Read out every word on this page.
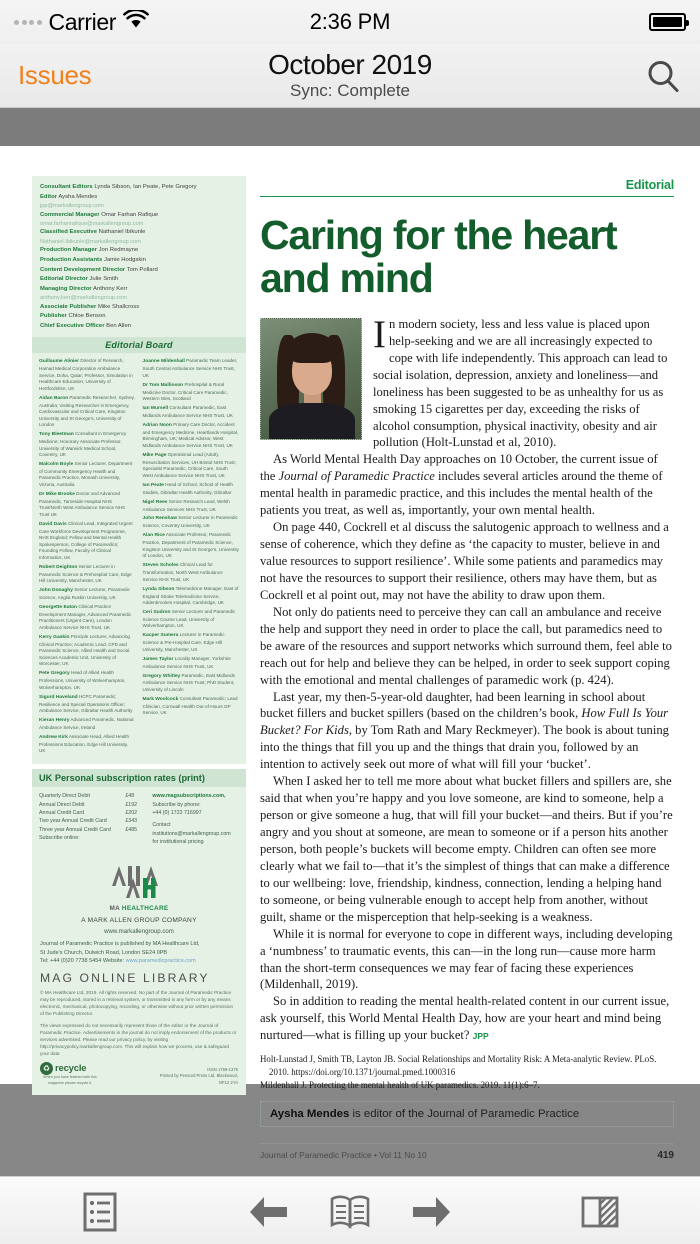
Carrier	2:36 PM
Issues	October 2019
Sync: Complete
Consultant Editors Lynda Sibson, Ian Peate, Pete Gregory
Editor Aysha Mendes
jpp@markallengroup.com
Commercial Manager Omar Farhan Rafique
omar.farhanrafique@markallengroup.com
Classified Executive Nathaniel Ibikunle
Nathaniel.Ibikunle@markallengroup.com
Production Manager Jon Redmayne
Production Assistants Jamie Hodgskin
Content Development Director Tom Pollard
Editorial Director Julie Smith
Managing Director Anthony Kerr
anthony.kerr@markallengroup.com
Associate Publisher Mike Shallcross
Publisher Chloe Benson
Chief Executive Officer Ben Allen
Editorial Board
Guillaume Alinier Director of Research, Hamad Medical Corporation Ambulance Service, Doha, Qatar; Professor, Simulation in Healthcare Education, University of Hertfordshire, UK
Aidan Baron Paramedic Researcher, Sydney, Australia; Visiting Researcher in Emergency, Cardiovascular and Critical Care, Kingston University and St George’s, University of London
Tony Bleetman Consultant in Emergency Medicine; Honorary Associate Professor, University of Warwick Medical School, Coventry, UK
Malcolm Boyle Senior Lecturer, Department of Community Emergency Health and Paramedic Practice, Monash University, Victoria, Australia
Dr Mike Brooke Doctor and Advanced Paramedic, Tameside Hospital NHS Trust/North West Ambulance Service NHS Trust UK
David Davis Clinical Lead, Integrated Urgent Care Workforce Development Programme, NHS England; Fellow and Mental Health Spokesperson, College of Paramedics; Founding Fellow, Faculty of Clinical Informatics, UK
Robert Deighton Senior Lecturer in Paramedic Science & Prehospital Care, Edge Hill University, Manchester, UK
John Donaghy Senior Lecturer, Paramedic Science, Anglia Ruskin University, UK
Georgette Eaton Clinical Practice Development Manager, Advanced Paramedic Practitioners (Urgent Care), London Ambulance Service NHS Trust, UK
Kerry Gaskin Principle Lecturer, Advancing Clinical Practice; Academic Lead, CPD and Paramedic Science, Allied Health and Social Sciences Academic Unit, University of Worcester, UK
Pete Gregory Head of Allied Health Professions, University of Wolverhampton, Wolverhampton, UK
Sigurd Haveland HCPC Paramedic; Resilience and Special Operations Officer; Ambulance Service, Gibraltar Health Authority
Kieran Henry Advanced Paramedic, National Ambulance Service, Ireland
Andrew Kirk Associate Head, Allied Health Professions Education, Edge Hill University, UK
Joanne Mildenhall Paramedic Team Leader, South Central Ambulance Service NHS Trust, UK
Dr Tom Mallinson Prehospital & Rural Medicine Doctor, Critical Care Paramedic, Western Isles, Scotland
Ian Mursell Consultant Paramedic, East Midlands Ambulance Service NHS Trust, UK
Adrian Noon Primary Care Doctor, Accident and Emergency Medicine, Heartlands Hospital, Birmingham, UK; Medical Advisor, West Midlands Ambulance Service NHS Trust, UK
Mike Page Operational Lead (Adult), Resuscitation Services, UH Bristol NHS Trust; Specialist Paramedic, Critical Care, South West Ambulance Service NHS Trust, UK
Ian Peate Head of School, School of Health Studies, Gibraltar Health Authority, Gibraltar
Nigel Rees Senior Research Lead, Welsh Ambulance Services NHS Trust, UK
John Renshaw Senior Lecturer in Paramedic Science, Coventry University, UK
Alan Rice Associate Professor, Paramedic Practice, Department of Paramedic Science, Kingston University and St George’s, University of London, UK
Steven Scholes Clinical Lead for Transformation, North West Ambulance Service NHS Trust, UK
Lynda Sibson Telemedicine Manager, East of England Stroke Telemedicine Service, Addenbrookes Hospital, Cambridge, UK
Ceri Sudron Senior Lecturer and Paramedic Science Course Lead, University of Wolverhampton, UK
Kacper Sumera Lecturer in Paramedic Science & Pre-Hospital Care, Edge Hill University, Manchester, UK
James Taylor Locality Manager, Yorkshire Ambulance Service NHS Trust, UK
Gregory Whitley Paramedic, East Midlands Ambulance Service NHS Trust; PhD Student, University of Lincoln
Mark Woolcock Consultant Paramedic; Lead Clinician, Cornwall Health Out-of-Hours GP Service, UK
UK Personal subscription rates (print)
Quarterly Direct Debit	£48
Annual Direct Debit	£192
Annual Credit Card	£202
Two year Annual Credit Card	£343
Three year Annual Credit Card	£485
Subscribe online:
www.magsubscriptions.com,
Subscribe by phone:
+44 (0) 1722 716997
Contact
institutions@markallengroup.com
for institutional pricing
MA HEALTHCARE
A MARK ALLEN GROUP COMPANY
www.markallengroup.com
Journal of Paramedic Practice is published by MA Healthcare Ltd,
St Jude’s Church, Dulwich Road, London SE24 0PB
Tel: +44 (0)20 7738 5454 Website: www.paramedicpractice.com
MAG ONLINE LIBRARY
© MA Healthcare Ltd, 2019. All rights reserved. No part of the Journal of Paramedic Practice may be reproduced, stored in a retrieval system, or transmitted in any form or by any means electronic, mechanical, photocopying, recording, or otherwise without prior written permission of the Publishing Director.
The views expressed do not necessarily represent those of the editor or the Journal of Paramedic Practice. Advertisements in the journal do not imply endorsement of the products or services advertised. Please read our privacy policy, by visiting http://privacypolicy.markallengroup.com. This will explain how we process, use & safeguard your data
♻ recycle
When you have finished with this magazine please recycle it.
ISSN 1759-1376
Printed by Pensord Press Ltd, Blackwood,
NP12 2YA
Editorial
Caring for the heart and mind

In modern society, less and less value is placed upon help-seeking and we are all increasingly expected to cope with life independently. This approach can lead to social isolation, depression, anxiety and loneliness—and loneliness has been suggested to be as unhealthy for us as smoking 15 cigarettes per day, exceeding the risks of alcohol consumption, physical inactivity, obesity and air pollution (Holt-Lunstad et al, 2010).

As World Mental Health Day approaches on 10 October, the current issue of the Journal of Paramedic Practice includes several articles around the theme of mental health in paramedic practice, and this includes the mental health of the patients you treat, as well as, importantly, your own mental health.

On page 440, Cockrell et al discuss the salutogenic approach to wellness and a sense of coherence, which they define as ‘the capacity to muster, believe in and value resources to support resilience’. While some patients and paramedics may not have the resources to support their resilience, others may have them, but as Cockrell et al point out, may not have the ability to draw upon them.

Not only do patients need to perceive they can call an ambulance and receive the help and support they need in order to place the call, but paramedics need to be aware of the resources and support networks which surround them, feel able to reach out for help and believe they can be helped, in order to seek support coping with the emotional and mental challenges of paramedic work (p. 424).

Last year, my then-5-year-old daughter, had been learning in school about bucket fillers and bucket spillers (based on the children’s book, How Full Is Your Bucket? For Kids, by Tom Rath and Mary Reckmeyer). The book is about tuning into the things that fill you up and the things that drain you, followed by an intention to actively seek out more of what will fill your ‘bucket’.

When I asked her to tell me more about what bucket fillers and spillers are, she said that when you’re happy and you love someone, are kind to someone, help a person or give someone a hug, that will fill your bucket—and theirs. But if you’re angry and you shout at someone, are mean to someone or if a person hits another person, both people’s buckets will become empty. Children can often see more clearly what we fail to—that it’s the simplest of things that can make a difference to our wellbeing: love, friendship, kindness, connection, lending a helping hand to someone, or being vulnerable enough to accept help from another, without guilt, shame or the misperception that help-seeking is a weakness.

While it is normal for everyone to cope in different ways, including developing a ‘numbness’ to traumatic events, this can—in the long run—cause more harm than the short-term consequences we may fear of facing these experiences (Mildenhall, 2019).

So in addition to reading the mental health-related content in our current issue, ask yourself, this World Mental Health Day, how are your heart and mind being nurtured—what is filling up your bucket? JPP

Holt-Lunstad J, Smith TB, Layton JB. Social Relationships and Mortality Risk: A Meta-analytic Review. PLoS. 2010. https://doi.org/10.1371/journal.pmed.1000316

Mildenhall J. Protecting the mental health of UK paramedics. 2019. 11(1):6–7.

Aysha Mendes is editor of the Journal of Paramedic Practice
Journal of Paramedic Practice • Vol 11 No 10	419
